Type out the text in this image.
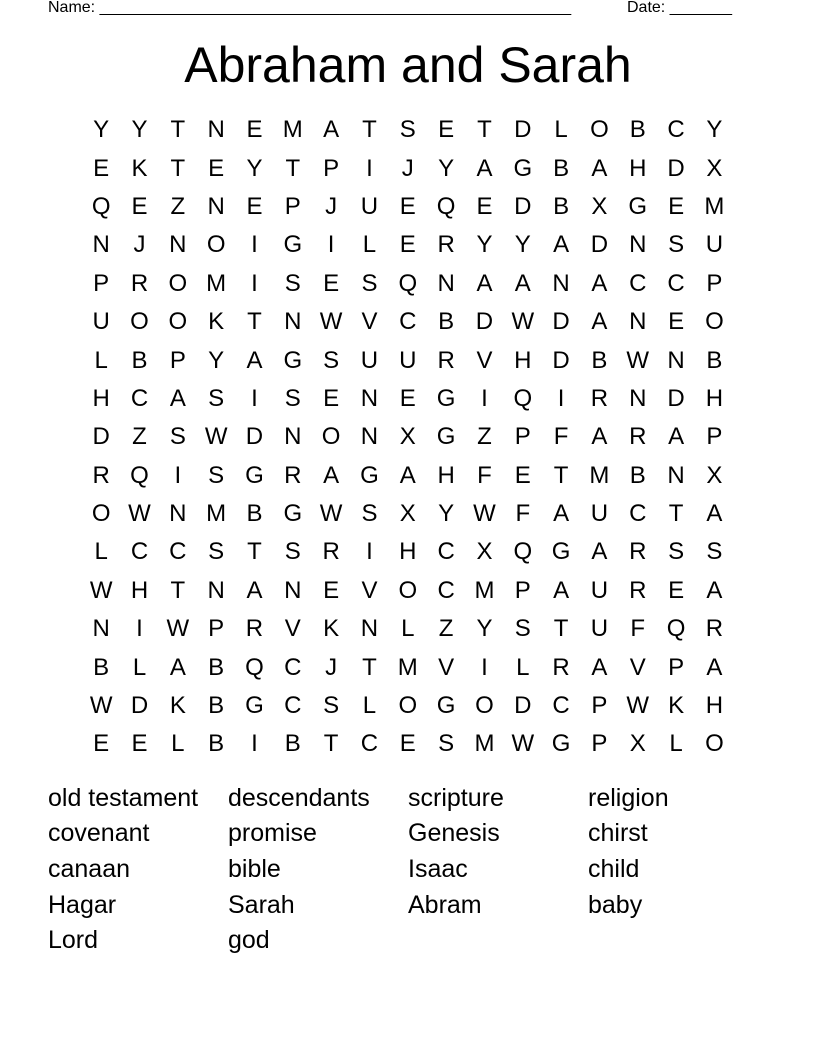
Name: _____________________________________________________	Date: _______
Abraham and Sarah
Y Y T N E M A T S E T D L O B C Y
E K T E Y T P	I	J	Y A G B A H D X
Q E Z N E P	J U E Q E D B X G E M
N J N O	I	G	I	L E R Y Y A D N S U
P R O M	I	S E S Q N A A N A C C P
U O O K T N W V C B D W D A N E O
L B P Y A G S U U R V H D B W N B
H C A S	I	S E N E G	I	Q	I	R N D H
D Z S W D N O N X G Z P F A R A P
R Q	I	S G R A G A H F E T M B N X
O W N M B G W S X Y W F A U C T A
L C C S T S R	I	H C X Q G A R S S
W H T N A N E V O C M P A U R E A
N	I W P R V K N L	Z Y S T U F Q R
B L A B Q C J	T M V	I	L R A V P A
W D K B G C S L O G O D C P W K H
E E L B	I	B T C E S M W G P X L O
old testament	descendants	scripture	religion
covenant	promise	Genesis	chirst
canaan	bible	Isaac	child
Hagar	Sarah	Abram	baby
Lord	god
